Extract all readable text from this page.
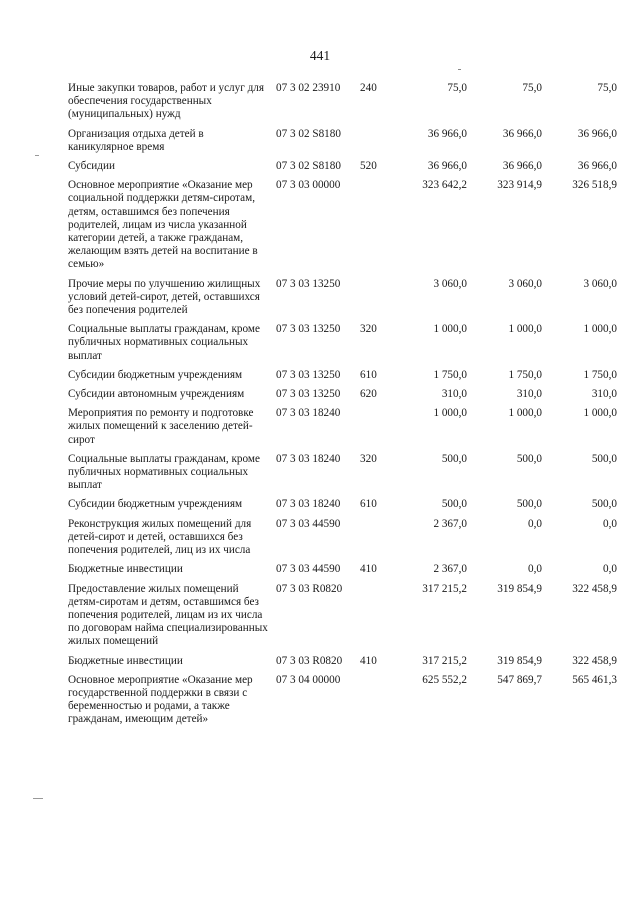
441
Иные закупки товаров, работ и услуг для обеспечения государственных (муниципальных) нужд	07 3 02 23910	240	75,0	75,0	75,0
Организация отдыха детей в каникулярное время	07 3 02 S8180		36 966,0	36 966,0	36 966,0
Субсидии	07 3 02 S8180	520	36 966,0	36 966,0	36 966,0
Основное мероприятие «Оказание мер социальной поддержки детям-сиротам, детям, оставшимся без попечения родителей, лицам из числа указанной категории детей, а также гражданам, желающим взять детей на воспитание в семью»	07 3 03 00000		323 642,2	323 914,9	326 518,9
Прочие меры по улучшению жилищных условий детей-сирот, детей, оставшихся без попечения родителей	07 3 03 13250		3 060,0	3 060,0	3 060,0
Социальные выплаты гражданам, кроме публичных нормативных социальных выплат	07 3 03 13250	320	1 000,0	1 000,0	1 000,0
Субсидии бюджетным учреждениям	07 3 03 13250	610	1 750,0	1 750,0	1 750,0
Субсидии автономным учреждениям	07 3 03 13250	620	310,0	310,0	310,0
Мероприятия по ремонту и подготовке жилых помещений к заселению детей-сирот	07 3 03 18240		1 000,0	1 000,0	1 000,0
Социальные выплаты гражданам, кроме публичных нормативных социальных выплат	07 3 03 18240	320	500,0	500,0	500,0
Субсидии бюджетным учреждениям	07 3 03 18240	610	500,0	500,0	500,0
Реконструкция жилых помещений для детей-сирот и детей, оставшихся без попечения родителей, лиц из их числа	07 3 03 44590		2 367,0	0,0	0,0
Бюджетные инвестиции	07 3 03 44590	410	2 367,0	0,0	0,0
Предоставление жилых помещений детям-сиротам и детям, оставшимся без попечения родителей, лицам из их числа по договорам найма специализированных жилых помещений	07 3 03 R0820		317 215,2	319 854,9	322 458,9
Бюджетные инвестиции	07 3 03 R0820	410	317 215,2	319 854,9	322 458,9
Основное мероприятие «Оказание мер государственной поддержки в связи с беременностью и родами, а также гражданам, имеющим детей»	07 3 04 00000		625 552,2	547 869,7	565 461,3
